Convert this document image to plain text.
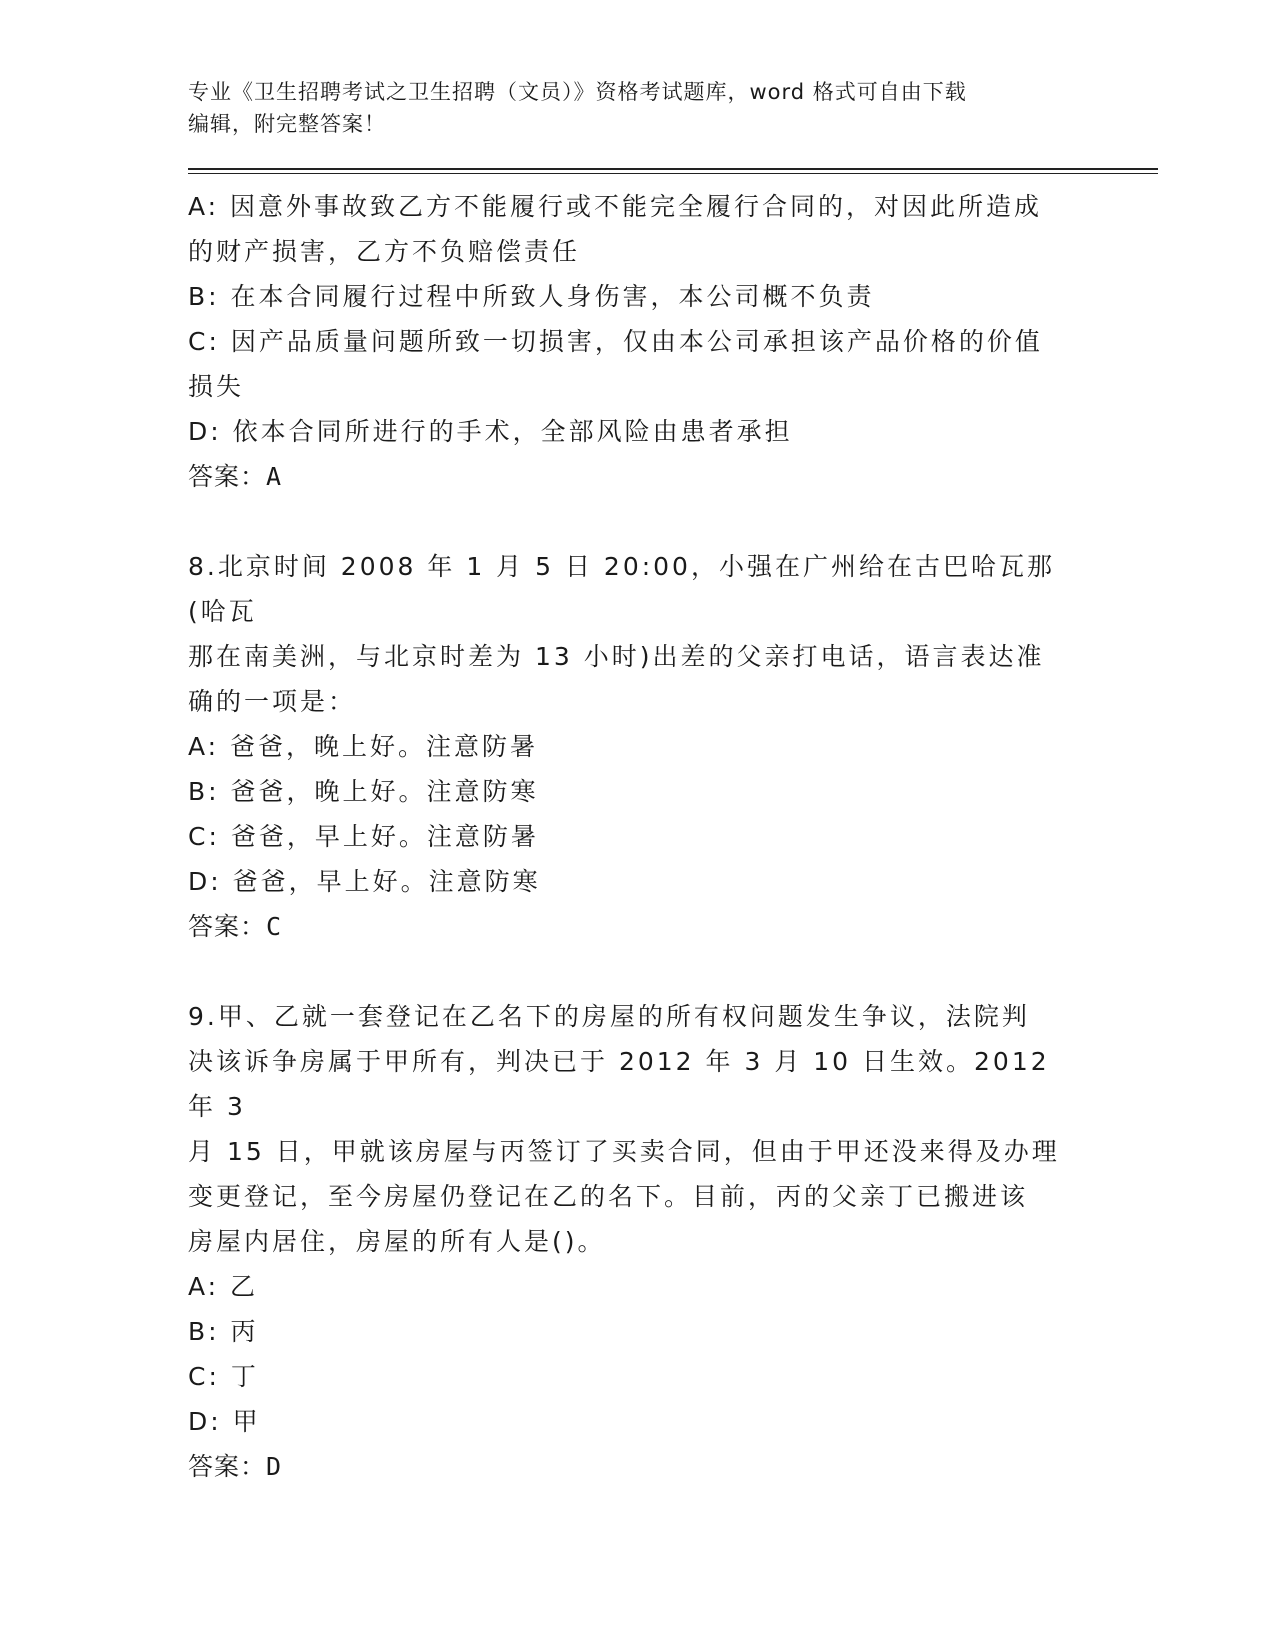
专业《卫生招聘考试之卫生招聘（文员）》资格考试题库，word 格式可自由下载
编辑，附完整答案！
A: 因意外事故致乙方不能履行或不能完全履行合同的，对因此所造成
的财产损害，乙方不负赔偿责任
B: 在本合同履行过程中所致人身伤害，本公司概不负责
C: 因产品质量问题所致一切损害，仅由本公司承担该产品价格的价值
损失
D: 依本合同所进行的手术，全部风险由患者承担
答案：A
8.北京时间 2008 年 1 月 5 日 20:00，小强在广州给在古巴哈瓦那(哈瓦
那在南美洲，与北京时差为 13 小时)出差的父亲打电话，语言表达准
确的一项是：
A: 爸爸，晚上好。注意防暑
B: 爸爸，晚上好。注意防寒
C: 爸爸，早上好。注意防暑
D: 爸爸，早上好。注意防寒
答案：C
9.甲、乙就一套登记在乙名下的房屋的所有权问题发生争议，法院判
决该诉争房属于甲所有，判决已于 2012 年 3 月 10 日生效。2012 年 3
月 15 日，甲就该房屋与丙签订了买卖合同，但由于甲还没来得及办理
变更登记，至今房屋仍登记在乙的名下。目前，丙的父亲丁已搬进该
房屋内居住，房屋的所有人是()。
A: 乙
B: 丙
C: 丁
D: 甲
答案：D
